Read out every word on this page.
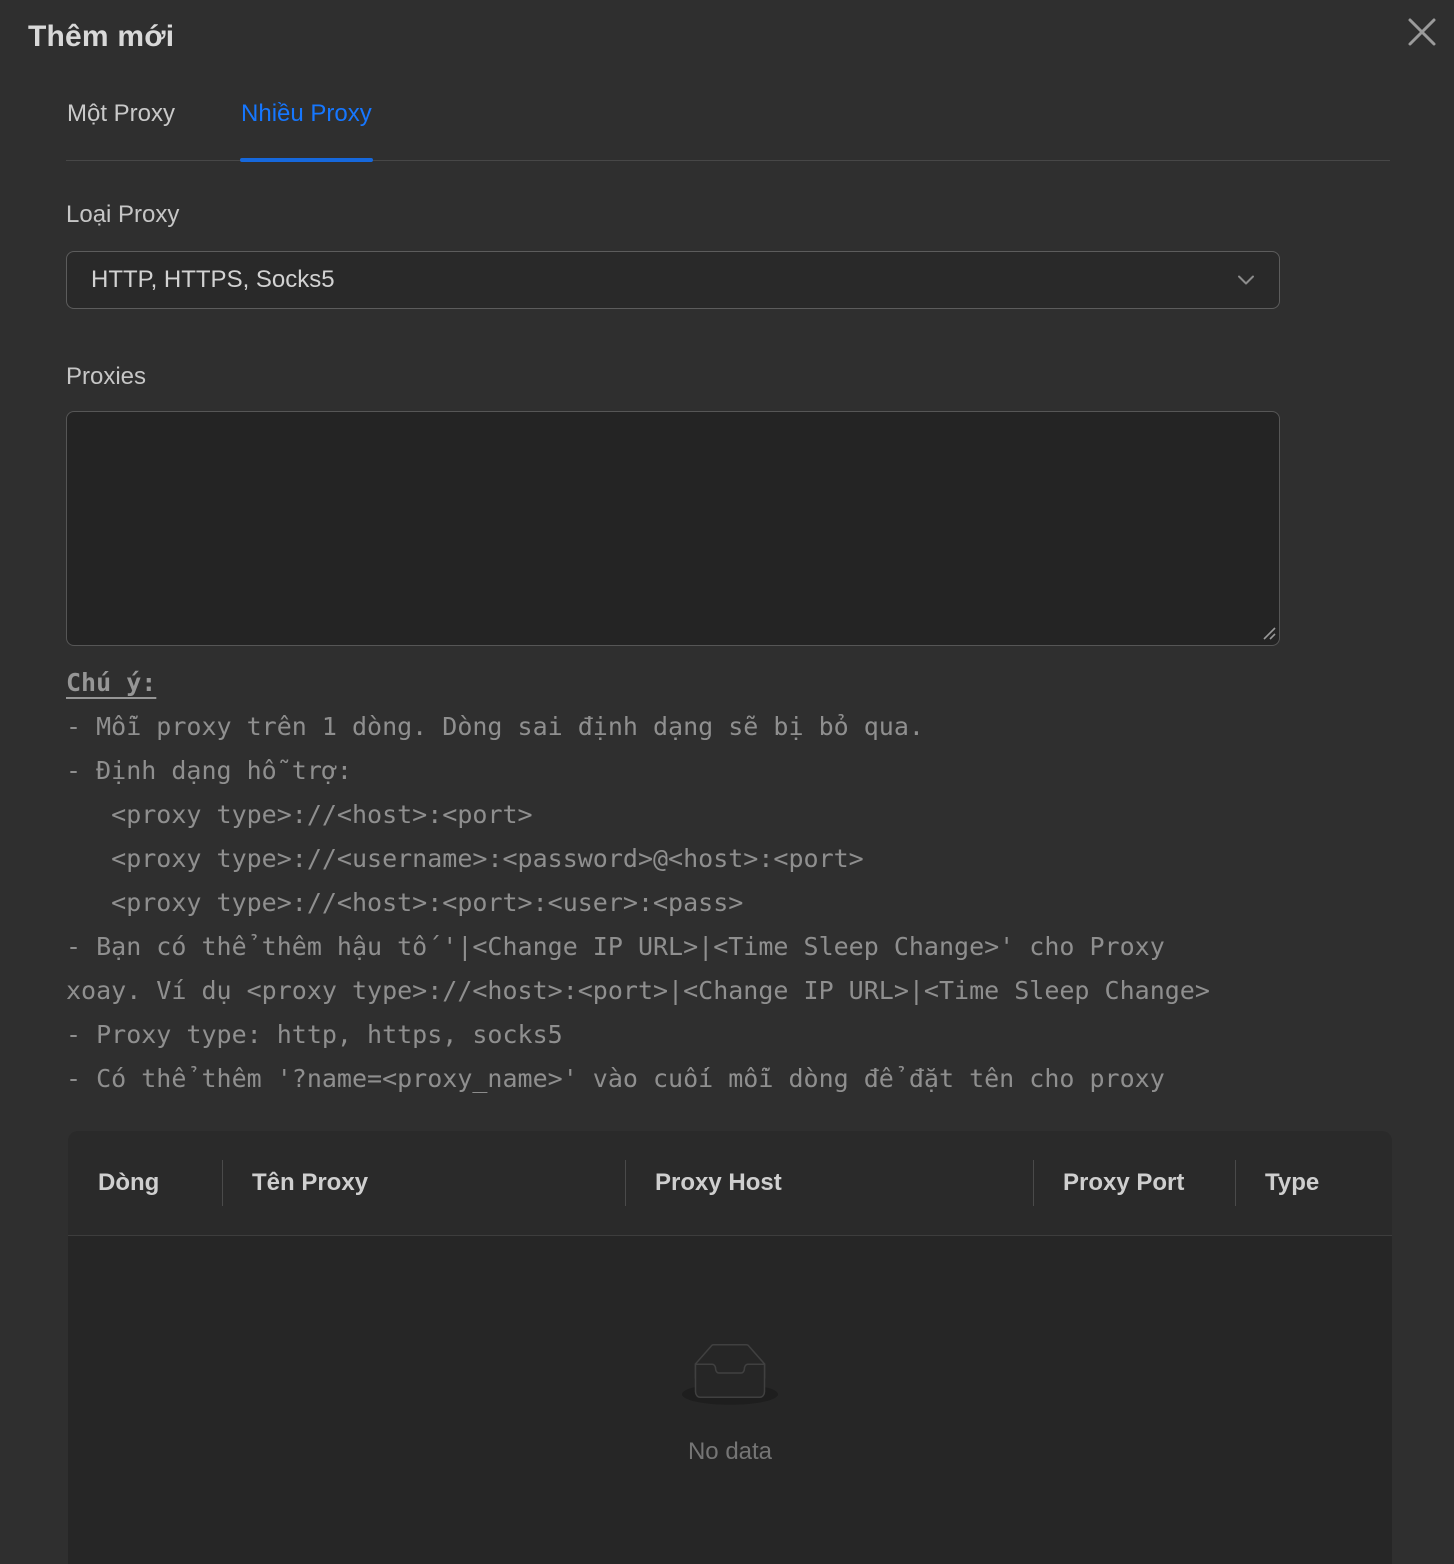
Thêm mới
Một Proxy	Nhiều Proxy
Loại Proxy
HTTP, HTTPS, Socks5
Proxies
Chú ý:
- Mỗi proxy trên 1 dòng. Dòng sai định dạng sẽ bị bỏ qua.
- Định dạng hỗ trợ:
<proxy type>://<host>:<port>
<proxy type>://<username>:<password>@<host>:<port>
<proxy type>://<host>:<port>:<user>:<pass>
- Bạn có thể thêm hậu tố '|<Change IP URL>|<Time Sleep Change>' cho Proxy
xoay. Ví dụ <proxy type>://<host>:<port>|<Change IP URL>|<Time Sleep Change>
- Proxy type: http, https, socks5
- Có thể thêm '?name=<proxy_name>' vào cuối mỗi dòng để đặt tên cho proxy
Dòng	Tên Proxy	Proxy Host	Proxy Port	Type
No data
